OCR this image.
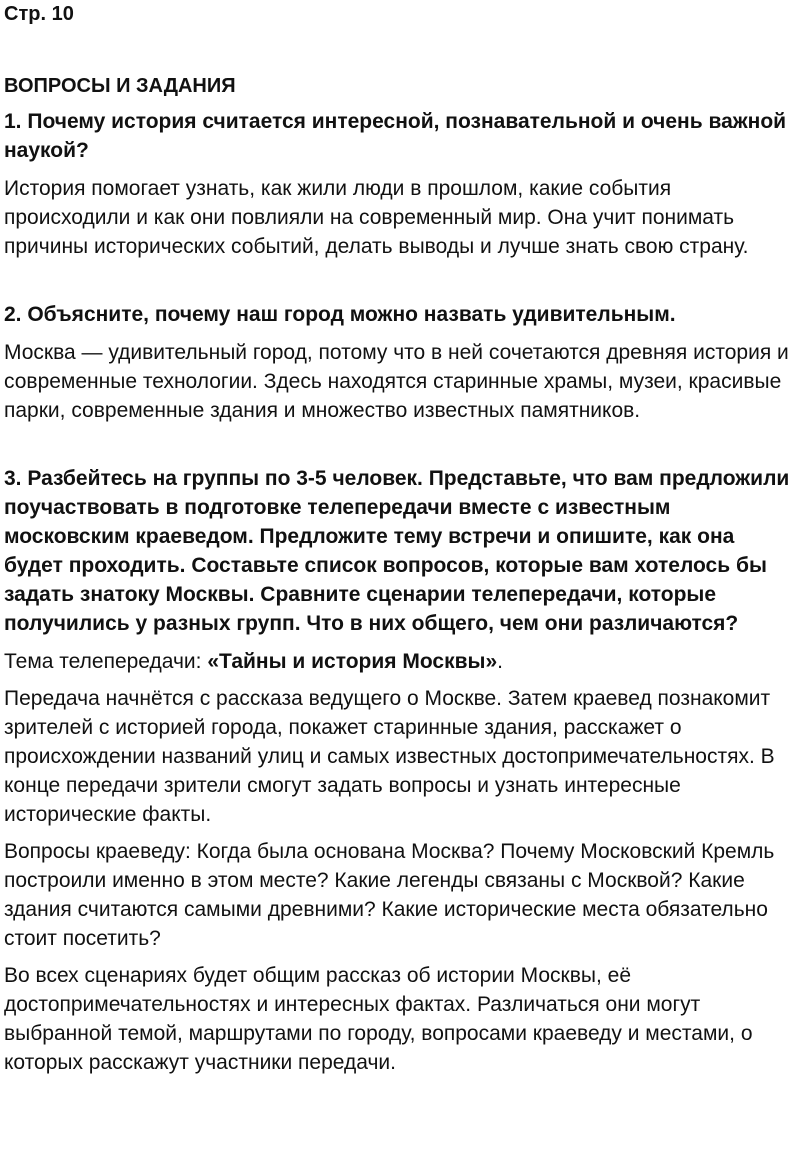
Стр. 10

ВОПРОСЫ И ЗАДАНИЯ

1. Почему история считается интересной, познавательной и очень важной наукой?

История помогает узнать, как жили люди в прошлом, какие события происходили и как они повлияли на современный мир. Она учит понимать причины исторических событий, делать выводы и лучше знать свою страну.

2. Объясните, почему наш город можно назвать удивительным.

Москва — удивительный город, потому что в ней сочетаются древняя история и современные технологии. Здесь находятся старинные храмы, музеи, красивые парки, современные здания и множество известных памятников.

3. Разбейтесь на группы по 3-5 человек. Представьте, что вам предложили поучаствовать в подготовке телепередачи вместе с известным московским краеведом. Предложите тему встречи и опишите, как она будет проходить. Составьте список вопросов, которые вам хотелось бы задать знатоку Москвы. Сравните сценарии телепередачи, которые получились у разных групп. Что в них общего, чем они различаются?

Тема телепередачи: «Тайны и история Москвы».

Передача начнётся с рассказа ведущего о Москве. Затем краевед познакомит зрителей с историей города, покажет старинные здания, расскажет о происхождении названий улиц и самых известных достопримечательностях. В конце передачи зрители смогут задать вопросы и узнать интересные исторические факты.

Вопросы краеведу: Когда была основана Москва? Почему Московский Кремль построили именно в этом месте? Какие легенды связаны с Москвой? Какие здания считаются самыми древними? Какие исторические места обязательно стоит посетить?

Во всех сценариях будет общим рассказ об истории Москвы, её достопримечательностях и интересных фактах. Различаться они могут выбранной темой, маршрутами по городу, вопросами краеведу и местами, о которых расскажут участники передачи.
